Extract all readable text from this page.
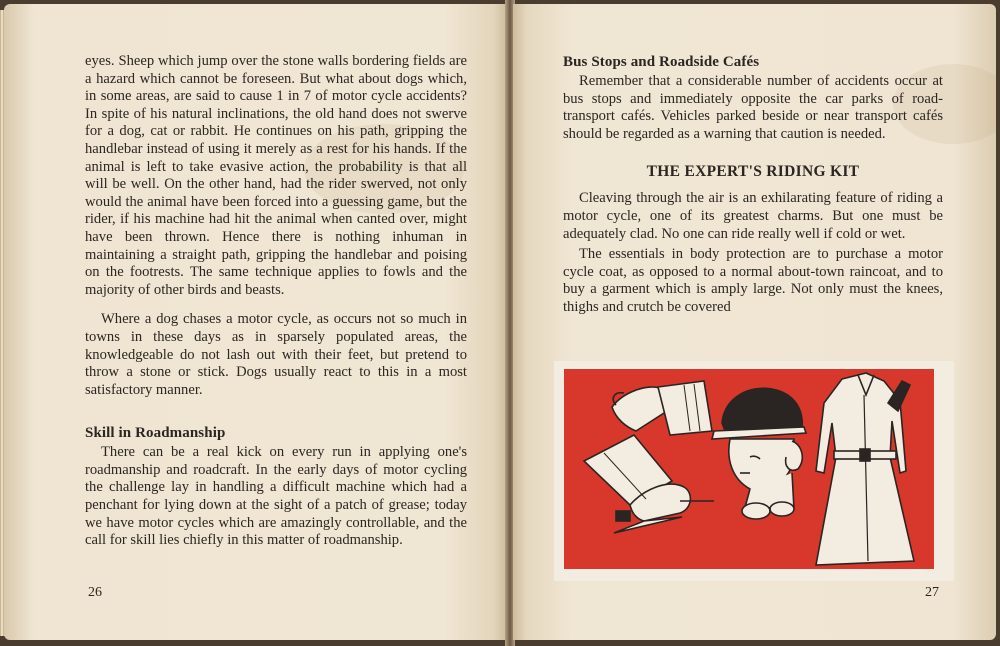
eyes. Sheep which jump over the stone walls bordering fields are a hazard which cannot be foreseen. But what about dogs which, in some areas, are said to cause 1 in 7 of motor cycle accidents? In spite of his natural inclinations, the old hand does not swerve for a dog, cat or rabbit. He continues on his path, gripping the handlebar instead of using it merely as a rest for his hands. If the animal is left to take evasive action, the probability is that all will be well. On the other hand, had the rider swerved, not only would the animal have been forced into a guessing game, but the rider, if his machine had hit the animal when canted over, might have been thrown. Hence there is nothing inhuman in maintaining a straight path, gripping the handlebar and poising on the footrests. The same technique applies to fowls and the majority of other birds and beasts.

Where a dog chases a motor cycle, as occurs not so much in towns in these days as in sparsely populated areas, the knowledgeable do not lash out with their feet, but pretend to throw a stone or stick. Dogs usually react to this in a most satisfactory manner.

Skill in Roadmanship

There can be a real kick on every run in applying one's roadmanship and roadcraft. In the early days of motor cycling the challenge lay in handling a difficult machine which had a penchant for lying down at the sight of a patch of grease; today we have motor cycles which are amazingly controllable, and the call for skill lies chiefly in this matter of roadmanship.

26
Bus Stops and Roadside Cafés

Remember that a considerable number of accidents occur at bus stops and immediately opposite the car parks of road-transport cafés. Vehicles parked beside or near transport cafés should be regarded as a warning that caution is needed.

THE EXPERT'S RIDING KIT

Cleaving through the air is an exhilarating feature of riding a motor cycle, one of its greatest charms. But one must be adequately clad. No one can ride really well if cold or wet.

The essentials in body protection are to purchase a motor cycle coat, as opposed to a normal about-town raincoat, and to buy a garment which is amply large. Not only must the knees, thighs and crutch be covered

27
